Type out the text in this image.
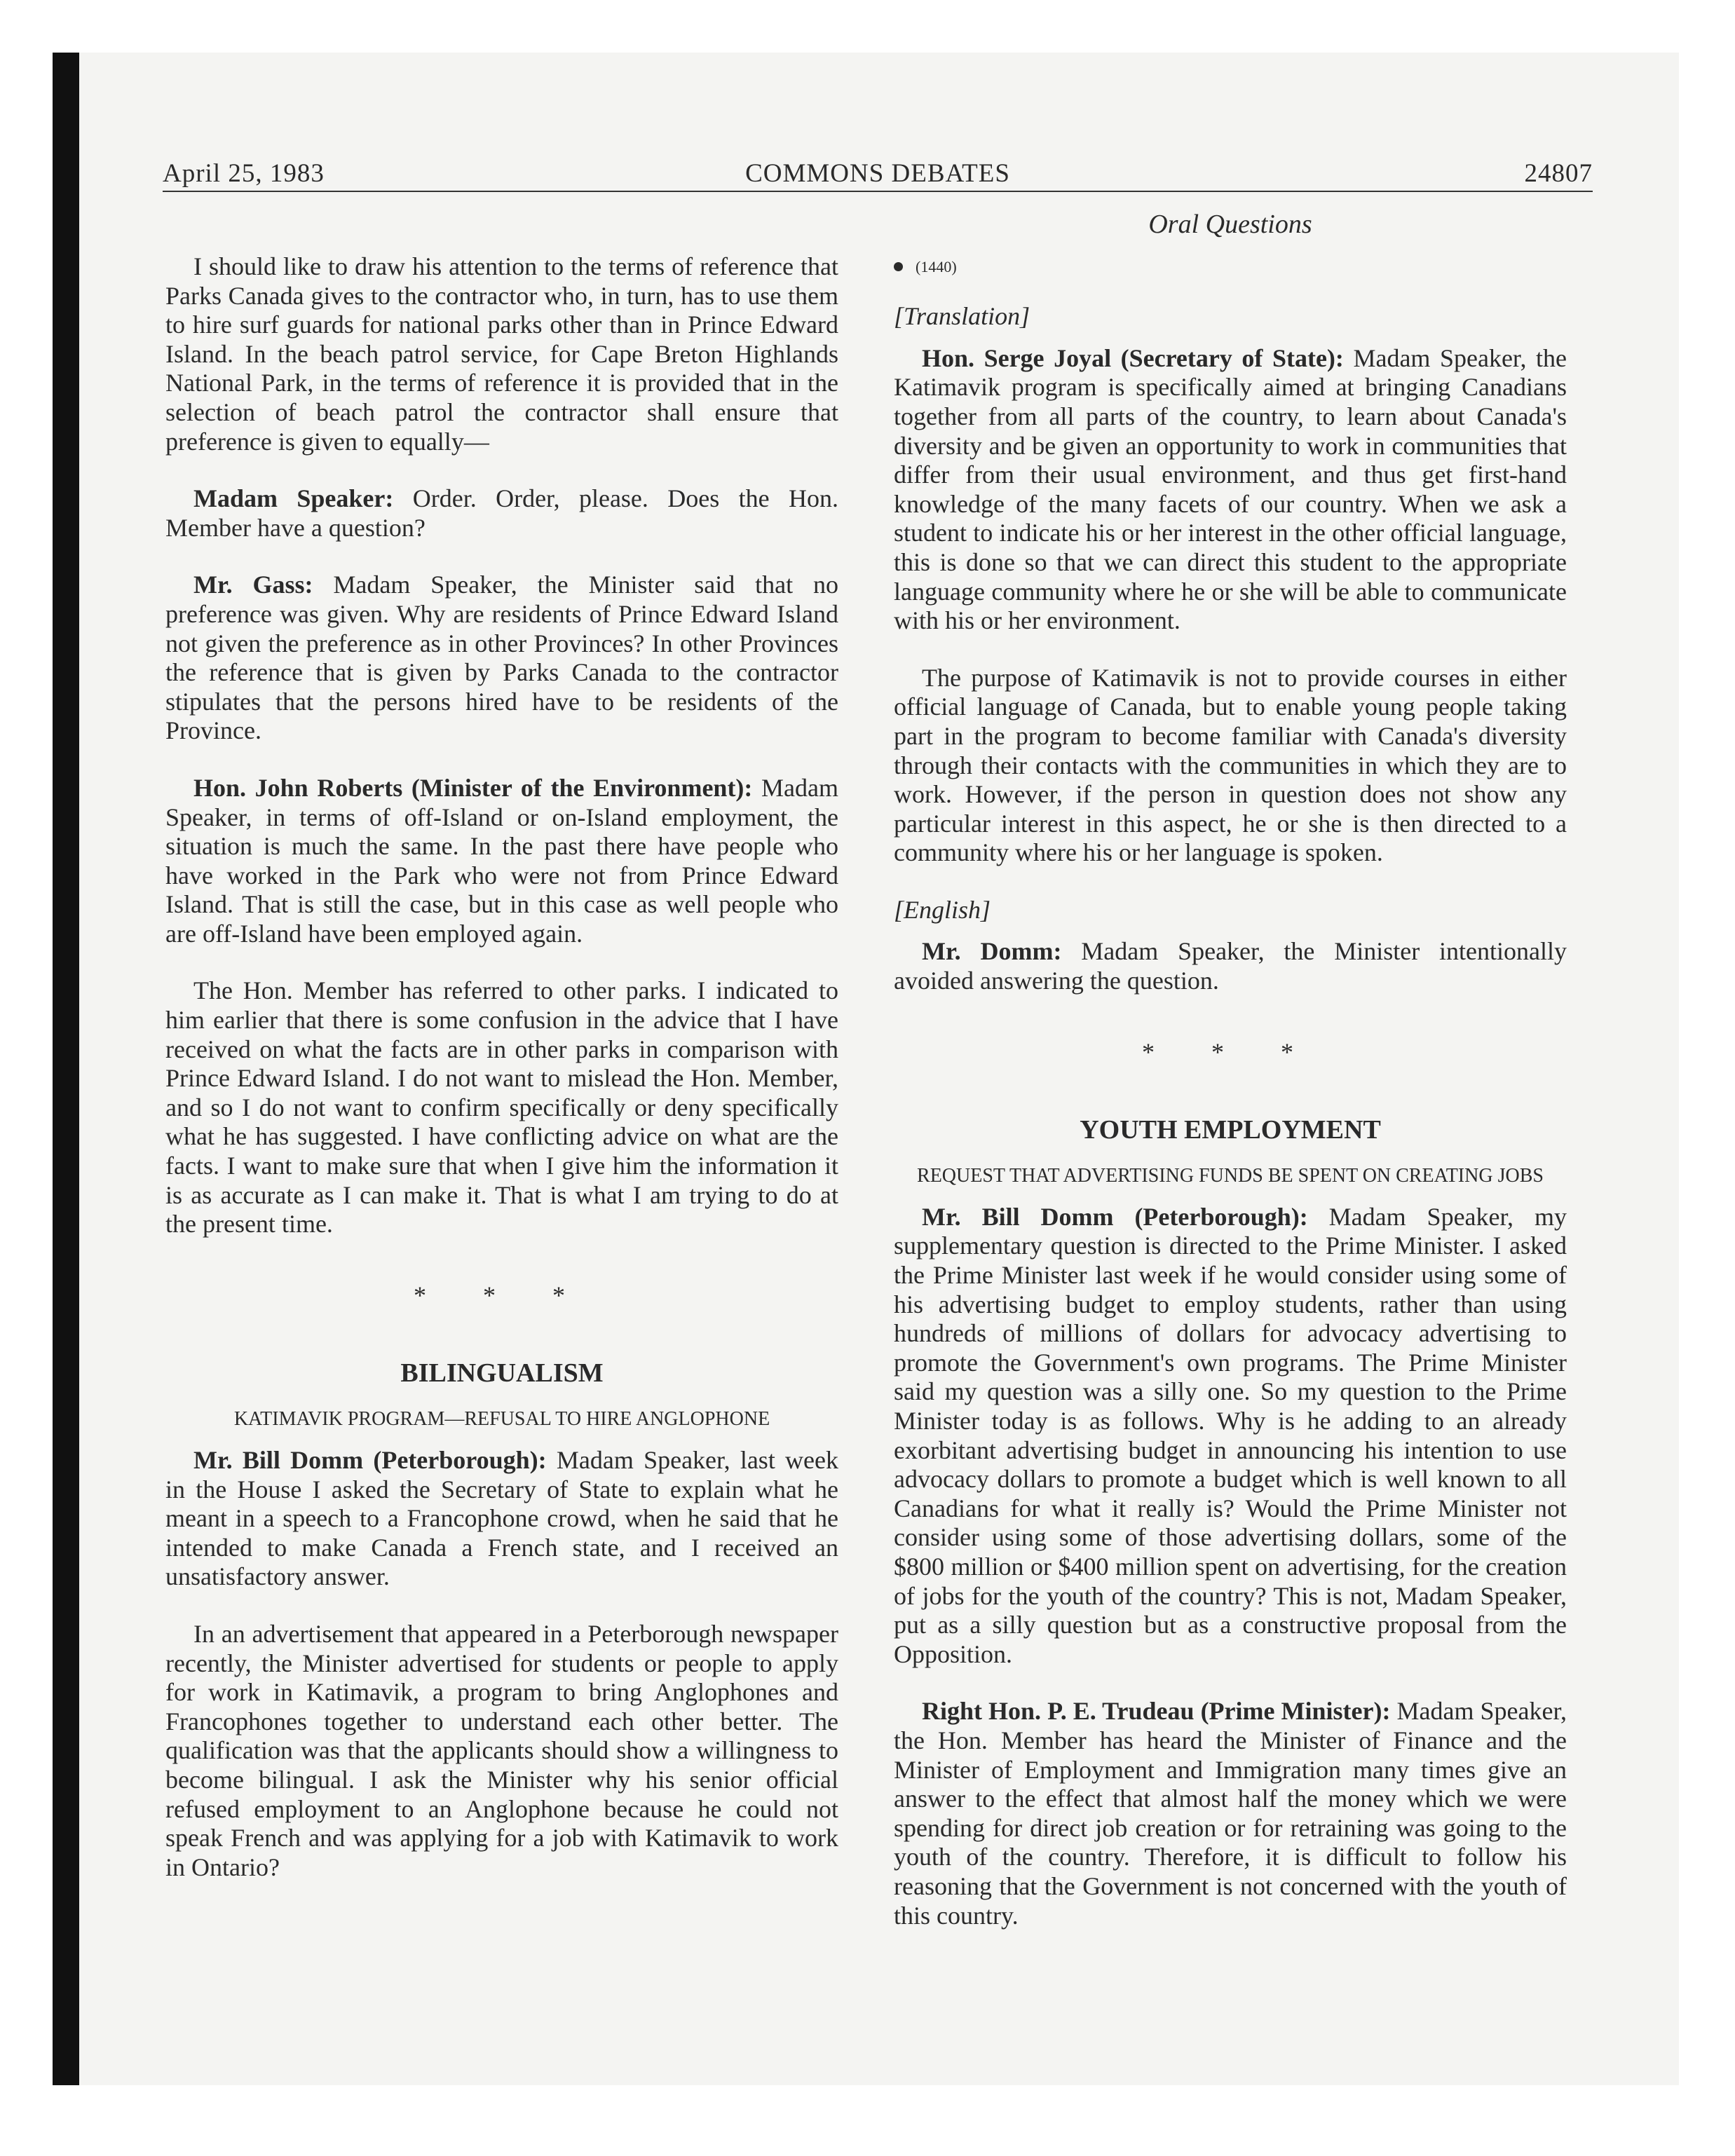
April 25, 1983	COMMONS DEBATES	24807

I should like to draw his attention to the terms of reference that Parks Canada gives to the contractor who, in turn, has to use them to hire surf guards for national parks other than in Prince Edward Island. In the beach patrol service, for Cape Breton Highlands National Park, in the terms of reference it is provided that in the selection of beach patrol the contractor shall ensure that preference is given to equally—

Madam Speaker: Order. Order, please. Does the Hon. Member have a question?

Mr. Gass: Madam Speaker, the Minister said that no preference was given. Why are residents of Prince Edward Island not given the preference as in other Provinces? In other Provinces the reference that is given by Parks Canada to the contractor stipulates that the persons hired have to be residents of the Province.

Hon. John Roberts (Minister of the Environment): Madam Speaker, in terms of off-Island or on-Island employment, the situation is much the same. In the past there have people who have worked in the Park who were not from Prince Edward Island. That is still the case, but in this case as well people who are off-Island have been employed again.

The Hon. Member has referred to other parks. I indicated to him earlier that there is some confusion in the advice that I have received on what the facts are in other parks in comparison with Prince Edward Island. I do not want to mislead the Hon. Member, and so I do not want to confirm specifically or deny specifically what he has suggested. I have conflicting advice on what are the facts. I want to make sure that when I give him the information it is as accurate as I can make it. That is what I am trying to do at the present time.

* * *
BILINGUALISM
KATIMAVIK PROGRAM—REFUSAL TO HIRE ANGLOPHONE

Mr. Bill Domm (Peterborough): Madam Speaker, last week in the House I asked the Secretary of State to explain what he meant in a speech to a Francophone crowd, when he said that he intended to make Canada a French state, and I received an unsatisfactory answer.

In an advertisement that appeared in a Peterborough newspaper recently, the Minister advertised for students or people to apply for work in Katimavik, a program to bring Anglophones and Francophones together to understand each other better. The qualification was that the applicants should show a willingness to become bilingual. I ask the Minister why his senior official refused employment to an Anglophone because he could not speak French and was applying for a job with Katimavik to work in Ontario?

Oral Questions
(1440)
[Translation]

Hon. Serge Joyal (Secretary of State): Madam Speaker, the Katimavik program is specifically aimed at bringing Canadians together from all parts of the country, to learn about Canada's diversity and be given an opportunity to work in communities that differ from their usual environment, and thus get first-hand knowledge of the many facets of our country. When we ask a student to indicate his or her interest in the other official language, this is done so that we can direct this student to the appropriate language community where he or she will be able to communicate with his or her environment.

The purpose of Katimavik is not to provide courses in either official language of Canada, but to enable young people taking part in the program to become familiar with Canada's diversity through their contacts with the communities in which they are to work. However, if the person in question does not show any particular interest in this aspect, he or she is then directed to a community where his or her language is spoken.

[English]

Mr. Domm: Madam Speaker, the Minister intentionally avoided answering the question.

* * *
YOUTH EMPLOYMENT
REQUEST THAT ADVERTISING FUNDS BE SPENT ON CREATING JOBS

Mr. Bill Domm (Peterborough): Madam Speaker, my supplementary question is directed to the Prime Minister. I asked the Prime Minister last week if he would consider using some of his advertising budget to employ students, rather than using hundreds of millions of dollars for advocacy advertising to promote the Government's own programs. The Prime Minister said my question was a silly one. So my question to the Prime Minister today is as follows. Why is he adding to an already exorbitant advertising budget in announcing his intention to use advocacy dollars to promote a budget which is well known to all Canadians for what it really is? Would the Prime Minister not consider using some of those advertising dollars, some of the $800 million or $400 million spent on advertising, for the creation of jobs for the youth of the country? This is not, Madam Speaker, put as a silly question but as a constructive proposal from the Opposition.

Right Hon. P. E. Trudeau (Prime Minister): Madam Speaker, the Hon. Member has heard the Minister of Finance and the Minister of Employment and Immigration many times give an answer to the effect that almost half the money which we were spending for direct job creation or for retraining was going to the youth of the country. Therefore, it is difficult to follow his reasoning that the Government is not concerned with the youth of this country.
